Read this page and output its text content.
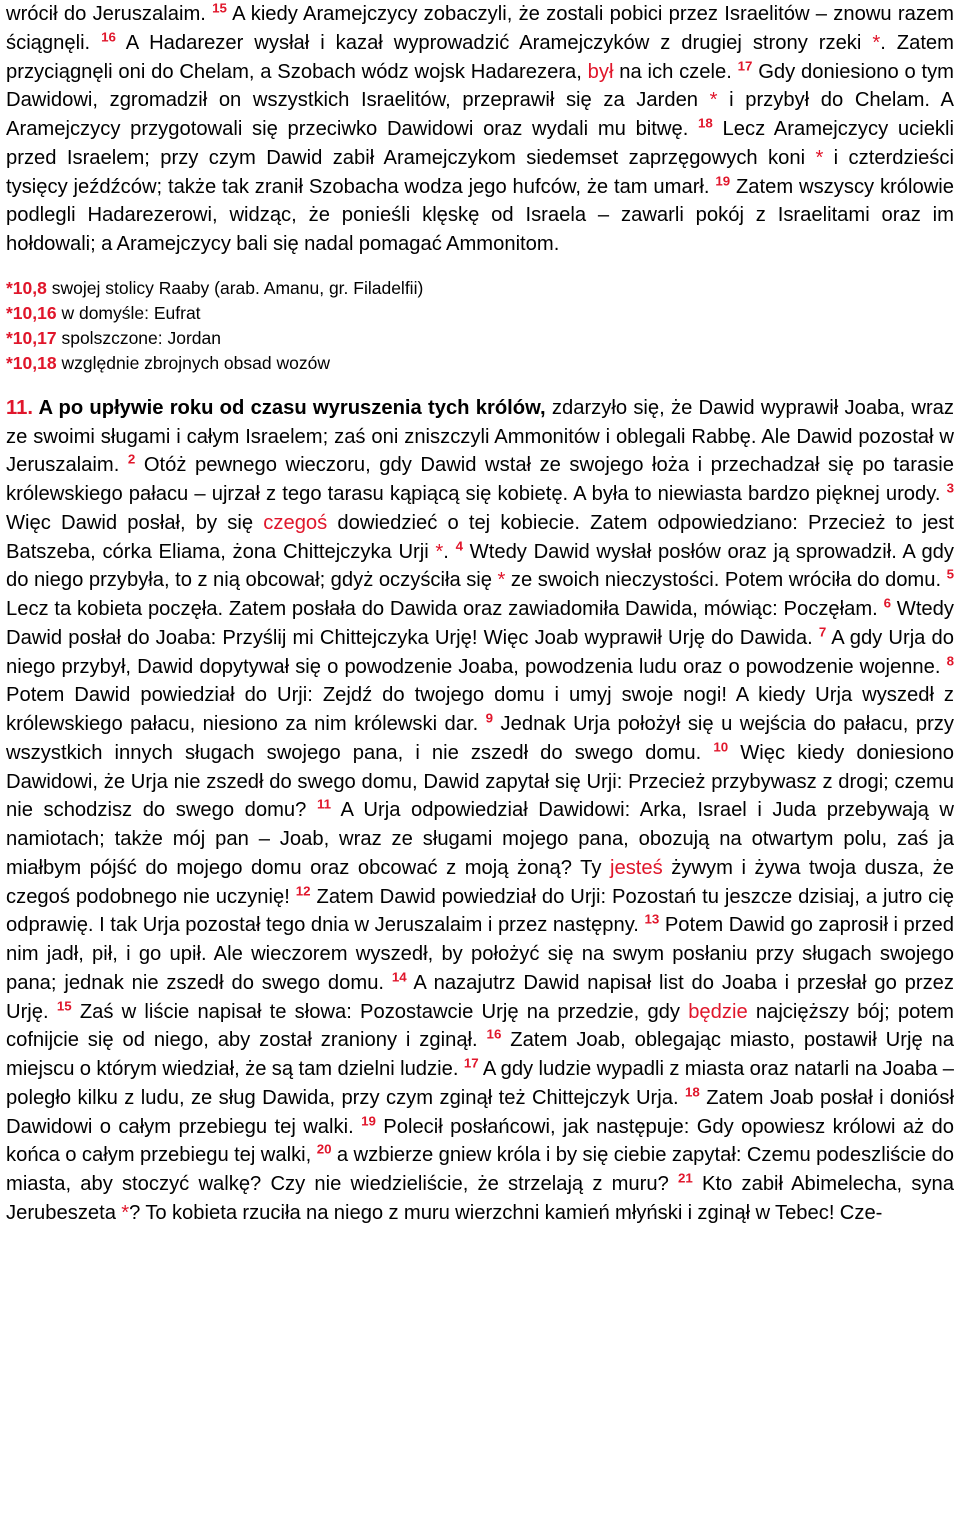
wrócił do Jeruszalaim. $^{15}$ A kiedy Aramejczycy zobaczyli, że zostali pobici przez Israelitów – znowu razem ściągnęli. $^{16}$ A Hadarezer wysłał i kazał wyprowadzić Aramejczyków z drugiej strony rzeki *. Zatem przyciągnęli oni do Chelam, a Szobach wódz wojsk Hadarezera, był na ich czele. $^{17}$ Gdy doniesiono o tym Dawidowi, zgromadził on wszystkich Israelitów, przeprawił się za Jarden * i przybył do Chelam. A Aramejczycy przygotowali się przeciwko Dawidowi oraz wydali mu bitwę. $^{18}$ Lecz Aramejczycy uciekli przed Israelem; przy czym Dawid zabił Aramejczykom siedemset zaprzęgowych koni * i czterdzieści tysięcy jeźdźców; także tak zranił Szobacha wodza jego hufców, że tam umarł. $^{19}$ Zatem wszyscy królowie podlegli Hadarezerowi, widząc, że ponieśli klęskę od Israela – zawarli pokój z Israelitami oraz im hołdowali; a Aramejczycy bali się nadal pomagać Ammonitom.

*10,8 swojej stolicy Raaby (arab. Amanu, gr. Filadelfii)
*10,16 w domyśle: Eufrat
*10,17 spolszczone: Jordan
*10,18 względnie zbrojnych obsad wozów

11. A po upływie roku od czasu wyruszenia tych królów, zdarzyło się, że Dawid wyprawił Joaba, wraz ze swoimi sługami i całym Israelem; zaś oni zniszczyli Ammonitów i oblegali Rabbę. Ale Dawid pozostał w Jeruszalaim. $^2$ Otóż pewnego wieczoru, gdy Dawid wstał ze swojego łoża i przechadzał się po tarasie królewskiego pałacu – ujrzał z tego tarasu kąpiącą się kobietę. A była to niewiasta bardzo pięknej urody. $^3$ Więc Dawid posłał, by się czegoś dowiedzieć o tej kobiecie. Zatem odpowiedziano: Przecież to jest Batszeba, córka Eliama, żona Chittejczyka Urji *. $^4$ Wtedy Dawid wysłał posłów oraz ją sprowadził. A gdy do niego przybyła, to z nią obcował; gdyż oczyściła się * ze swoich nieczystości. Potem wróciła do domu. $^5$ Lecz ta kobieta poczęła. Zatem posłała do Dawida oraz zawiadomiła Dawida, mówiąc: Poczęłam. $^6$ Wtedy Dawid posłał do Joaba: Przyślij mi Chittejczyka Urję! Więc Joab wyprawił Urję do Dawida. $^7$ A gdy Urja do niego przybył, Dawid dopytywał się o powodzenie Joaba, powodzenia ludu oraz o powodzenie wojenne. $^8$ Potem Dawid powiedział do Urji: Zejdź do twojego domu i umyj swoje nogi! A kiedy Urja wyszedł z królewskiego pałacu, niesiono za nim królewski dar. $^9$ Jednak Urja położył się u wejścia do pałacu, przy wszystkich innych sługach swojego pana, i nie zszedł do swego domu. $^{10}$ Więc kiedy doniesiono Dawidowi, że Urja nie zszedł do swego domu, Dawid zapytał się Urji: Przecież przybywasz z drogi; czemu nie schodzisz do swego domu? $^{11}$ A Urja odpowiedział Dawidowi: Arka, Israel i Juda przebywają w namiotach; także mój pan – Joab, wraz ze sługami mojego pana, obozują na otwartym polu, zaś ja miałbym pójść do mojego domu oraz obcować z moją żoną? Ty jesteś żywym i żywa twoja dusza, że czegoś podobnego nie uczynię! $^{12}$ Zatem Dawid powiedział do Urji: Pozostań tu jeszcze dzisiaj, a jutro cię odprawię. I tak Urja pozostał tego dnia w Jeruszalaim i przez następny. $^{13}$ Potem Dawid go zaprosił i przed nim jadł, pił, i go upił. Ale wieczorem wyszedł, by położyć się na swym posłaniu przy sługach swojego pana; jednak nie zszedł do swego domu. $^{14}$ A nazajutrz Dawid napisał list do Joaba i przesłał go przez Urję. $^{15}$ Zaś w liście napisał te słowa: Pozostawcie Urję na przedzie, gdy będzie najcięższy bój; potem cofnijcie się od niego, aby został zraniony i zginął. $^{16}$ Zatem Joab, oblegając miasto, postawił Urję na miejscu o którym wiedział, że są tam dzielni ludzie. $^{17}$ A gdy ludzie wypadli z miasta oraz natarli na Joaba – poległo kilku z ludu, ze sług Dawida, przy czym zginął też Chittejczyk Urja. $^{18}$ Zatem Joab posłał i doniósł Dawidowi o całym przebiegu tej walki. $^{19}$ Polecił posłańcowi, jak następuje: Gdy opowiesz królowi aż do końca o całym przebiegu tej walki, $^{20}$ a wzbierze gniew króla i by się ciebie zapytał: Czemu podeszliście do miasta, aby stoczyć walkę? Czy nie wiedzieliście, że strzelają z muru? $^{21}$ Kto zabił Abimelecha, syna Jerubeszeta *? To kobieta rzuciła na niego z muru wierzchni kamień młyński i zginął w Tebec! Cze-
